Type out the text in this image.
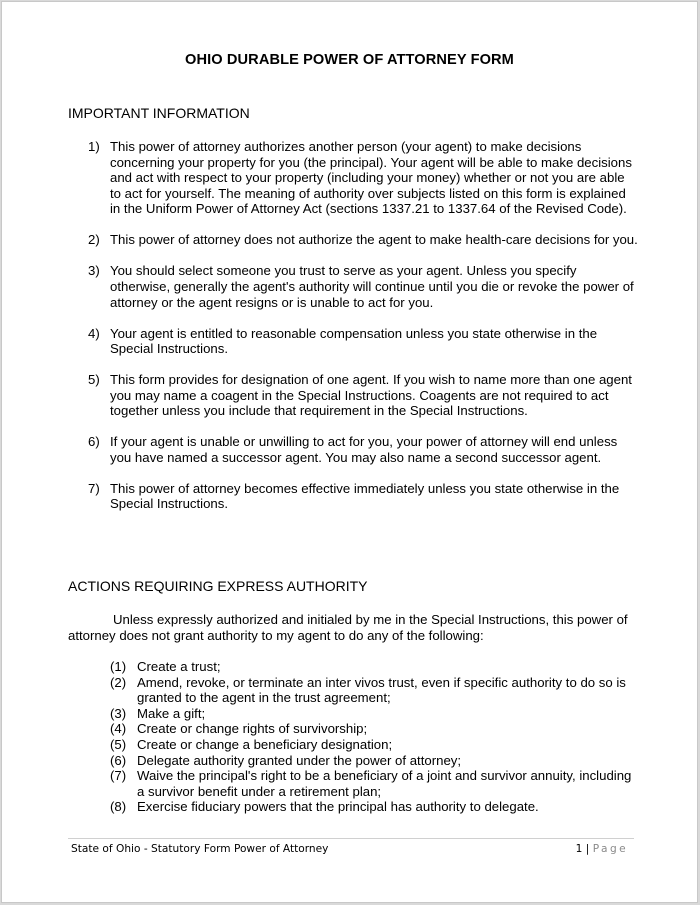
OHIO DURABLE POWER OF ATTORNEY FORM
IMPORTANT INFORMATION
1) This power of attorney authorizes another person (your agent) to make decisions concerning your property for you (the principal). Your agent will be able to make decisions and act with respect to your property (including your money) whether or not you are able to act for yourself. The meaning of authority over subjects listed on this form is explained in the Uniform Power of Attorney Act (sections 1337.21 to 1337.64 of the Revised Code).
2) This power of attorney does not authorize the agent to make health-care decisions for you.
3) You should select someone you trust to serve as your agent. Unless you specify otherwise, generally the agent's authority will continue until you die or revoke the power of attorney or the agent resigns or is unable to act for you.
4) Your agent is entitled to reasonable compensation unless you state otherwise in the Special Instructions.
5) This form provides for designation of one agent. If you wish to name more than one agent you may name a coagent in the Special Instructions. Coagents are not required to act together unless you include that requirement in the Special Instructions.
6) If your agent is unable or unwilling to act for you, your power of attorney will end unless you have named a successor agent. You may also name a second successor agent.
7) This power of attorney becomes effective immediately unless you state otherwise in the Special Instructions.
ACTIONS REQUIRING EXPRESS AUTHORITY

Unless expressly authorized and initialed by me in the Special Instructions, this power of attorney does not grant authority to my agent to do any of the following:

(1) Create a trust;
(2) Amend, revoke, or terminate an inter vivos trust, even if specific authority to do so is granted to the agent in the trust agreement;
(3) Make a gift;
(4) Create or change rights of survivorship;
(5) Create or change a beneficiary designation;
(6) Delegate authority granted under the power of attorney;
(7) Waive the principal's right to be a beneficiary of a joint and survivor annuity, including a survivor benefit under a retirement plan;
(8) Exercise fiduciary powers that the principal has authority to delegate.
State of Ohio - Statutory Form Power of Attorney	1 | Page
